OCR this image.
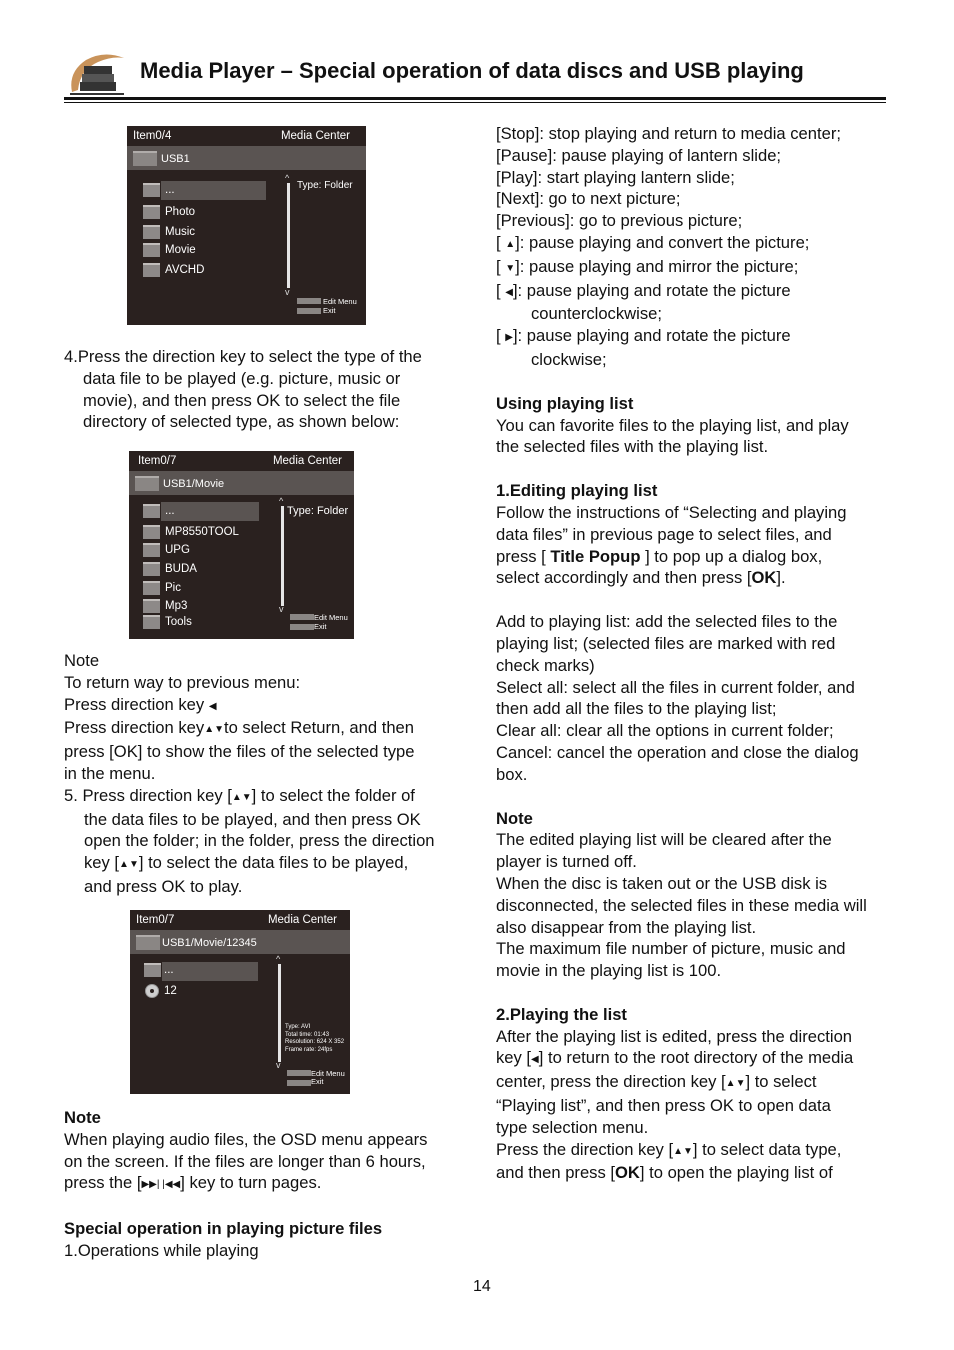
Media Player – Special operation of data discs and USB playing
Item0/4	Media Center
USB1
...
Photo
Music
Movie
AVCHD
^
v
Type: Folder
Edit Menu
Exit
Item0/7	Media Center
USB1/Movie
...
MP8550TOOL
UPG
BUDA
Pic
Mp3
Tools
^
v
Type: Folder
Edit Menu
Exit
Item0/7	Media Center
USB1/Movie/12345
...
12
^
v
Type: AVI
Total time: 01:43
Resolution: 624 X 352
Frame rate: 24fps
Edit Menu
Exit

4.Press the direction key to select the type of the

data file to be played (e.g. picture, music or

movie), and then press OK to select the file

directory of selected type, as shown below:

Note

To return way to previous menu:

Press direction key ◀

Press direction key▲▼to select Return, and then

press [OK] to show the files of the selected type

in the menu.

5. Press direction key [▲▼] to select the folder of

the data files to be played, and then press OK

open the folder; in the folder, press the direction

key [▲▼] to select the data files to be played,

and press OK to play.

Note

When playing audio files, the OSD menu appears

on the screen. If the files are longer than 6 hours,

press the [▶▶| |◀◀] key to turn pages.

Special operation in playing picture files

1.Operations while playing

[Stop]: stop playing and return to media center;

[Pause]: pause playing of lantern slide;

[Play]: start playing lantern slide;

[Next]: go to next picture;

[Previous]: go to previous picture;

[ ▲]: pause playing and convert the picture;

[ ▼]: pause playing and mirror the picture;

[ ◀]: pause playing and rotate the picture

counterclockwise;

[ ▶]: pause playing and rotate the picture

clockwise;

Using playing list

You can favorite files to the playing list, and play

the selected files with the playing list.

1.Editing playing list

Follow the instructions of “Selecting and playing

data files” in previous page to select files, and

press [ Title Popup ] to pop up a dialog box,

select accordingly and then press [OK].

Add to playing list: add the selected files to the

playing list; (selected files are marked with red

check marks)

Select all: select all the files in current folder, and

then add all the files to the playing list;

Clear all: clear all the options in current folder;

Cancel: cancel the operation and close the dialog

box.

Note

The edited playing list will be cleared after the

player is turned off.

When the disc is taken out or the USB disk is

disconnected, the selected files in these media will

also disappear from the playing list.

The maximum file number of picture, music and

movie in the playing list is 100.

2.Playing the list

After the playing list is edited, press the direction

key [◀] to return to the root directory of the media

center, press the direction key [▲▼] to select

“Playing list”, and then press OK to open data

type selection menu.

Press the direction key [▲▼] to select data type,

and then press [OK] to open the playing list of

14
